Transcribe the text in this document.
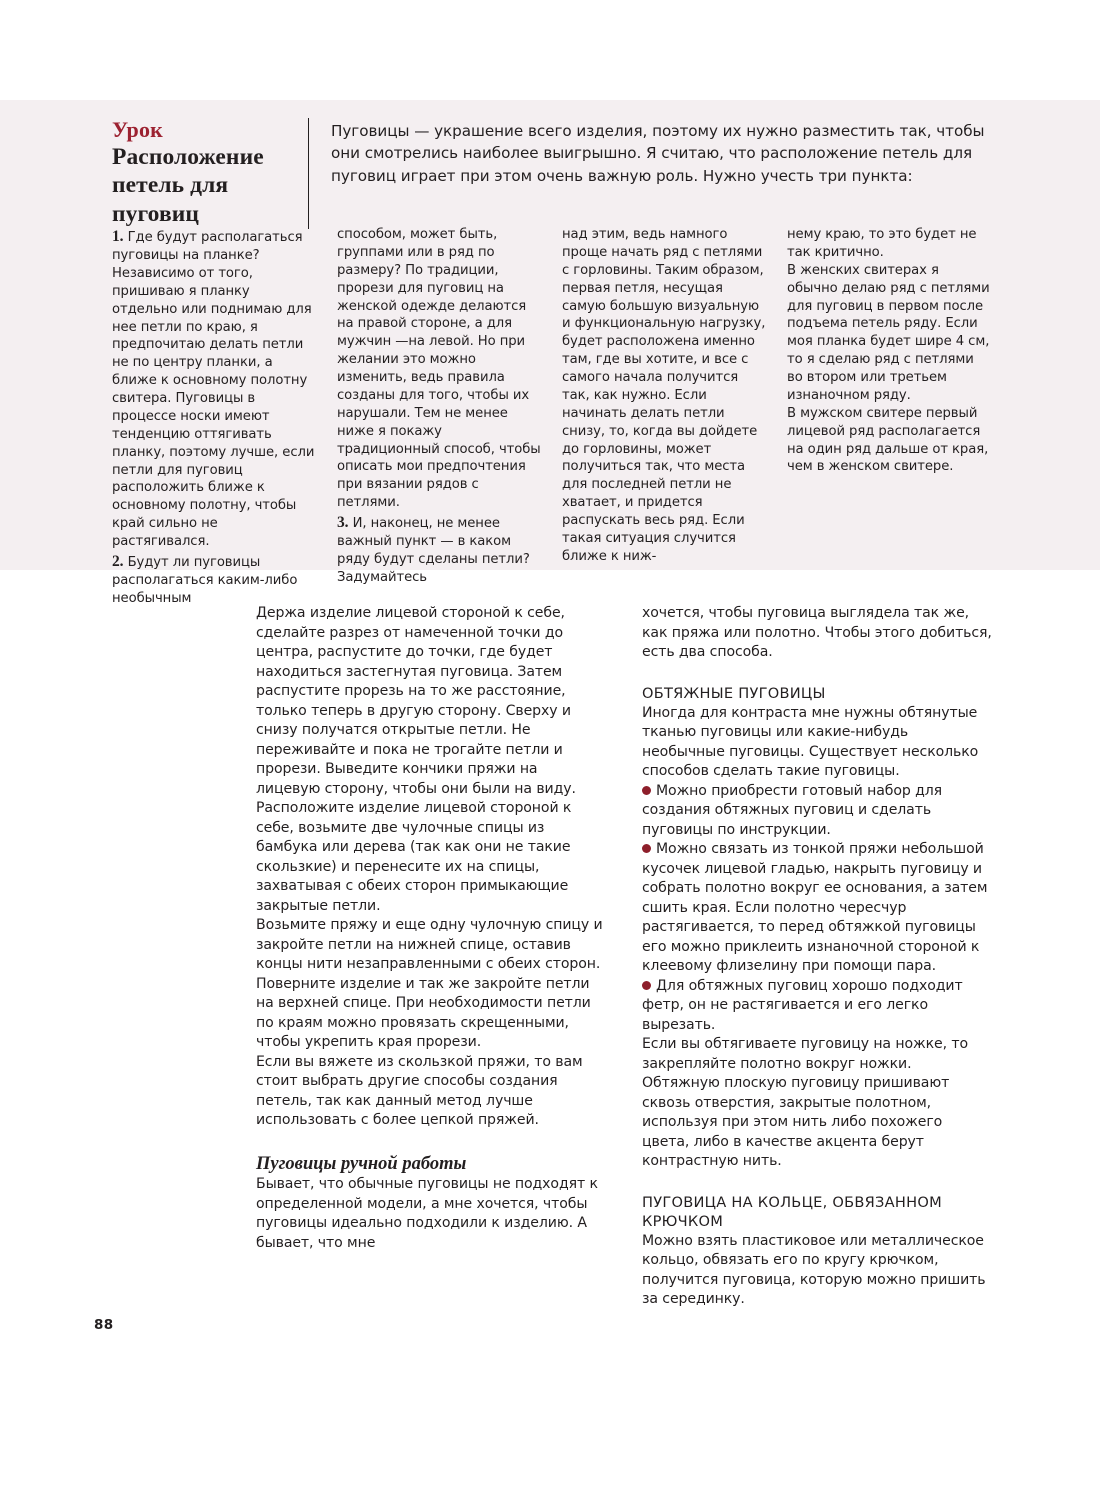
Урок
Расположение
петель для пуговиц
Пуговицы — украшение всего изделия, поэтому их нужно разместить так, чтобы они смотрелись наиболее выигрышно. Я считаю, что расположение петель для пуговиц играет при этом очень важную роль. Нужно учесть три пункта:

1. Где будут располагаться пуговицы на планке? Независимо от того, пришиваю я планку отдельно или поднимаю для нее петли по краю, я предпочитаю делать петли не по центру планки, а ближе к основному полотну свитера. Пуговицы в процессе носки имеют тенденцию оттягивать планку, поэтому лучше, если петли для пуговиц расположить ближе к основному полотну, чтобы край сильно не растягивался.

2. Будут ли пуговицы располагаться каким-либо необычным

способом, может быть, группами или в ряд по размеру? По традиции, прорези для пуговиц на женской одежде делаются на правой стороне, а для мужчин —на левой. Но при желании это можно изменить, ведь правила созданы для того, чтобы их нарушали. Тем не менее ниже я покажу традиционный способ, чтобы описать мои предпочтения при вязании рядов с петлями.

3. И, наконец, не менее важный пункт — в каком ряду будут сделаны петли? Задумайтесь

над этим, ведь намного проще начать ряд с петлями с горловины. Таким образом, первая петля, несущая самую большую визуальную и функциональную нагрузку, будет расположена именно там, где вы хотите, и все с самого начала получится так, как нужно. Если начинать делать петли снизу, то, когда вы дойдете до горловины, может получиться так, что места для последней петли не хватает, и придется распускать весь ряд. Если такая ситуация случится ближе к ниж-

нему краю, то это будет не так критично.

В женских свитерах я обычно делаю ряд с петлями для пуговиц в первом после подъема петель ряду. Если моя планка будет шире 4 см, то я сделаю ряд с петлями во втором или третьем изнаночном ряду.

В мужском свитере первый лицевой ряд располагается на один ряд дальше от края, чем в женском свитере.

Держа изделие лицевой стороной к себе, сделайте разрез от намеченной точки до центра, распустите до точки, где будет находиться застегнутая пуговица. Затем распустите прорезь на то же расстояние, только теперь в другую сторону. Сверху и снизу получатся открытые петли. Не переживайте и пока не трогайте петли и прорези. Выведите кончики пряжи на лицевую сторону, чтобы они были на виду.

Расположите изделие лицевой стороной к себе, возьмите две чулочные спицы из бамбука или дерева (так как они не такие скользкие) и перенесите их на спицы, захватывая с обеих сторон примыкающие закрытые петли.

Возьмите пряжу и еще одну чулочную спицу и закройте петли на нижней спице, оставив концы нити незаправленными с обеих сторон. Поверните изделие и так же закройте петли на верхней спице. При необходимости петли по краям можно провязать скрещенными, чтобы укрепить края прорези.

Если вы вяжете из скользкой пряжи, то вам стоит выбрать другие способы создания петель, так как данный метод лучше использовать с более цепкой пряжей.

Пуговицы ручной работы

Бывает, что обычные пуговицы не подходят к определенной модели, а мне хочется, чтобы пуговицы идеально подходили к изделию. А бывает, что мне

хочется, чтобы пуговица выглядела так же, как пряжа или полотно. Чтобы этого добиться, есть два способа.

ОБТЯЖНЫЕ ПУГОВИЦЫ

Иногда для контраста мне нужны обтянутые тканью пуговицы или какие-нибудь необычные пуговицы. Существует несколько способов сделать такие пуговицы.

Можно приобрести готовый набор для создания обтяжных пуговиц и сделать пуговицы по инструкции.

Можно связать из тонкой пряжи небольшой кусочек лицевой гладью, накрыть пуговицу и собрать полотно вокруг ее основания, а затем сшить края. Если полотно чересчур растягивается, то перед обтяжкой пуговицы его можно приклеить изнаночной стороной к клеевому флизелину при помощи пара.

Для обтяжных пуговиц хорошо подходит фетр, он не растягивается и его легко вырезать.

Если вы обтягиваете пуговицу на ножке, то закрепляйте полотно вокруг ножки. Обтяжную плоскую пуговицу пришивают сквозь отверстия, закрытые полотном, используя при этом нить либо похожего цвета, либо в качестве акцента берут контрастную нить.

ПУГОВИЦА НА КОЛЬЦЕ, ОБВЯЗАННОМ КРЮЧКОМ

Можно взять пластиковое или металлическое кольцо, обвязать его по кругу крючком, получится пуговица, которую можно пришить за серединку.

88
